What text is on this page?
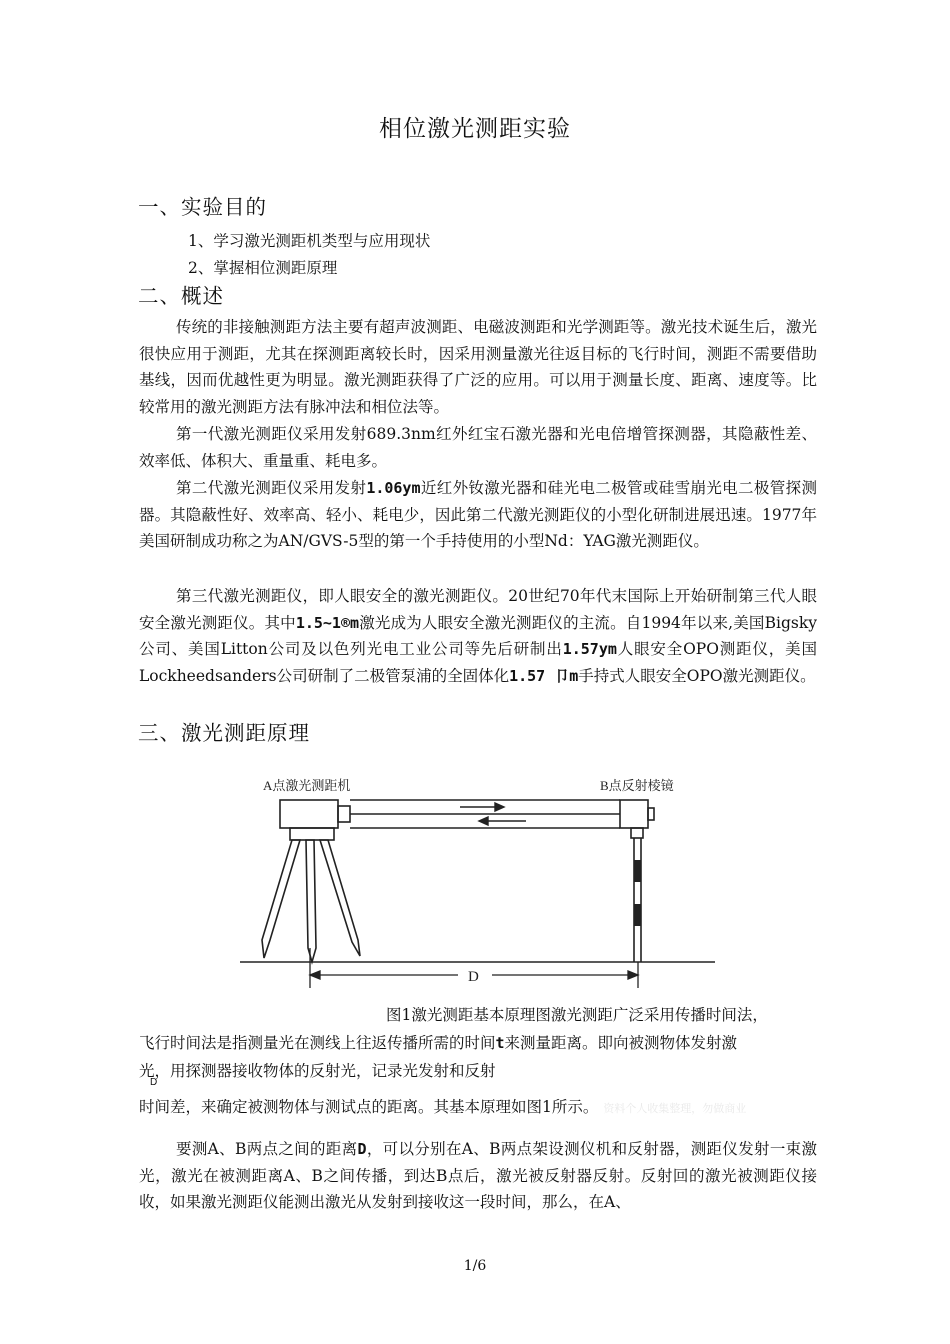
相位激光测距实验
一、实验目的
1、学习激光测距机类型与应用现状
2、掌握相位测距原理
二、概述

传统的非接触测距方法主要有超声波测距、电磁波测距和光学测距等。激光技术诞生后，激光很快应用于测距，尤其在探测距离较长时，因采用测量激光往返目标的飞行时间，测距不需要借助基线，因而优越性更为明显。激光测距获得了广泛的应用。可以用于测量长度、距离、速度等。比较常用的激光测距方法有脉冲法和相位法等。

第一代激光测距仪采用发射689.3nm红外红宝石激光器和光电倍增管探测器，其隐蔽性差、效率低、体积大、重量重、耗电多。

第二代激光测距仪采用发射1.06ym近红外钕激光器和硅光电二极管或硅雪崩光电二极管探测器。其隐蔽性好、效率高、轻小、耗电少，因此第二代激光测距仪的小型化研制进展迅速。1977年美国研制成功称之为AN/GVS-5型的第一个手持使用的小型Nd：YAG激光测距仪。

第三代激光测距仪，即人眼安全的激光测距仪。20世纪70年代末国际上开始研制第三代人眼安全激光测距仪。其中1.5~1®m激光成为人眼安全激光测距仪的主流。自1994年以来,美国Bigsky公司、美国Litton公司及以色列光电工业公司等先后研制出1.57ym人眼安全OPO测距仪，美国Lockheedsanders公司研制了二极管泵浦的全固体化1.57 卩m手持式人眼安全OPO激光测距仪。

三、激光测距原理
A点激光测距机	B点反射棱镜
D

图1激光测距基本原理图激光测距广泛采用传播时间法，

飞行时间法是指测量光在测线上往返传播所需的时间t来测量距离。即向被测物体发射激

光，用探测器接收物体的反射光，记录光发射和反射

D

时间差，来确定被测物体与测试点的距离。其基本原理如图1所示。 资料个人收集整理，勿做商业

要测A、B两点之间的距离D，可以分别在A、B两点架设测仪机和反射器，测距仪发射一束激光，激光在被测距离A、B之间传播，到达B点后，激光被反射器反射。反射回的激光被测距仪接收，如果激光测距仪能测出激光从发射到接收这一段时间，那么，在A、

1/6
